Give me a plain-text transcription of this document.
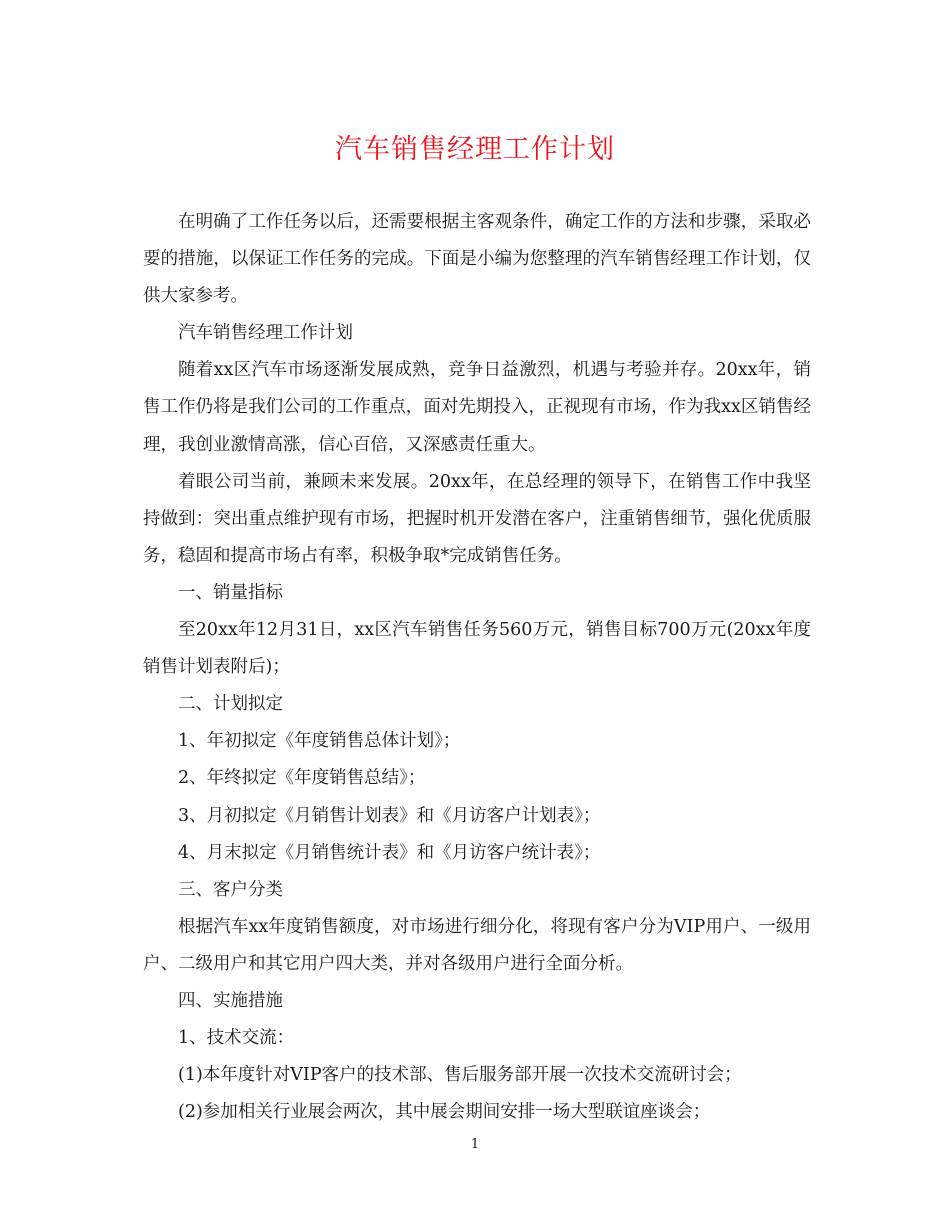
汽车销售经理工作计划

在明确了工作任务以后，还需要根据主客观条件，确定工作的方法和步骤，采取必要的措施，以保证工作任务的完成。下面是小编为您整理的汽车销售经理工作计划，仅供大家参考。

汽车销售经理工作计划

随着xx区汽车市场逐渐发展成熟，竞争日益激烈，机遇与考验并存。20xx年，销售工作仍将是我们公司的工作重点，面对先期投入，正视现有市场，作为我xx区销售经理，我创业激情高涨，信心百倍，又深感责任重大。

着眼公司当前，兼顾未来发展。20xx年，在总经理的领导下，在销售工作中我坚持做到：突出重点维护现有市场，把握时机开发潜在客户，注重销售细节，强化优质服务，稳固和提高市场占有率，积极争取*完成销售任务。

一、销量指标

至20xx年12月31日，xx区汽车销售任务560万元，销售目标700万元(20xx年度销售计划表附后)；

二、计划拟定

1、年初拟定《年度销售总体计划》；

2、年终拟定《年度销售总结》；

3、月初拟定《月销售计划表》和《月访客户计划表》；

4、月末拟定《月销售统计表》和《月访客户统计表》；

三、客户分类

根据汽车xx年度销售额度，对市场进行细分化，将现有客户分为VIP用户、一级用户、二级用户和其它用户四大类，并对各级用户进行全面分析。

四、实施措施

1、技术交流：

(1)本年度针对VIP客户的技术部、售后服务部开展一次技术交流研讨会；

(2)参加相关行业展会两次，其中展会期间安排一场大型联谊座谈会；

1
